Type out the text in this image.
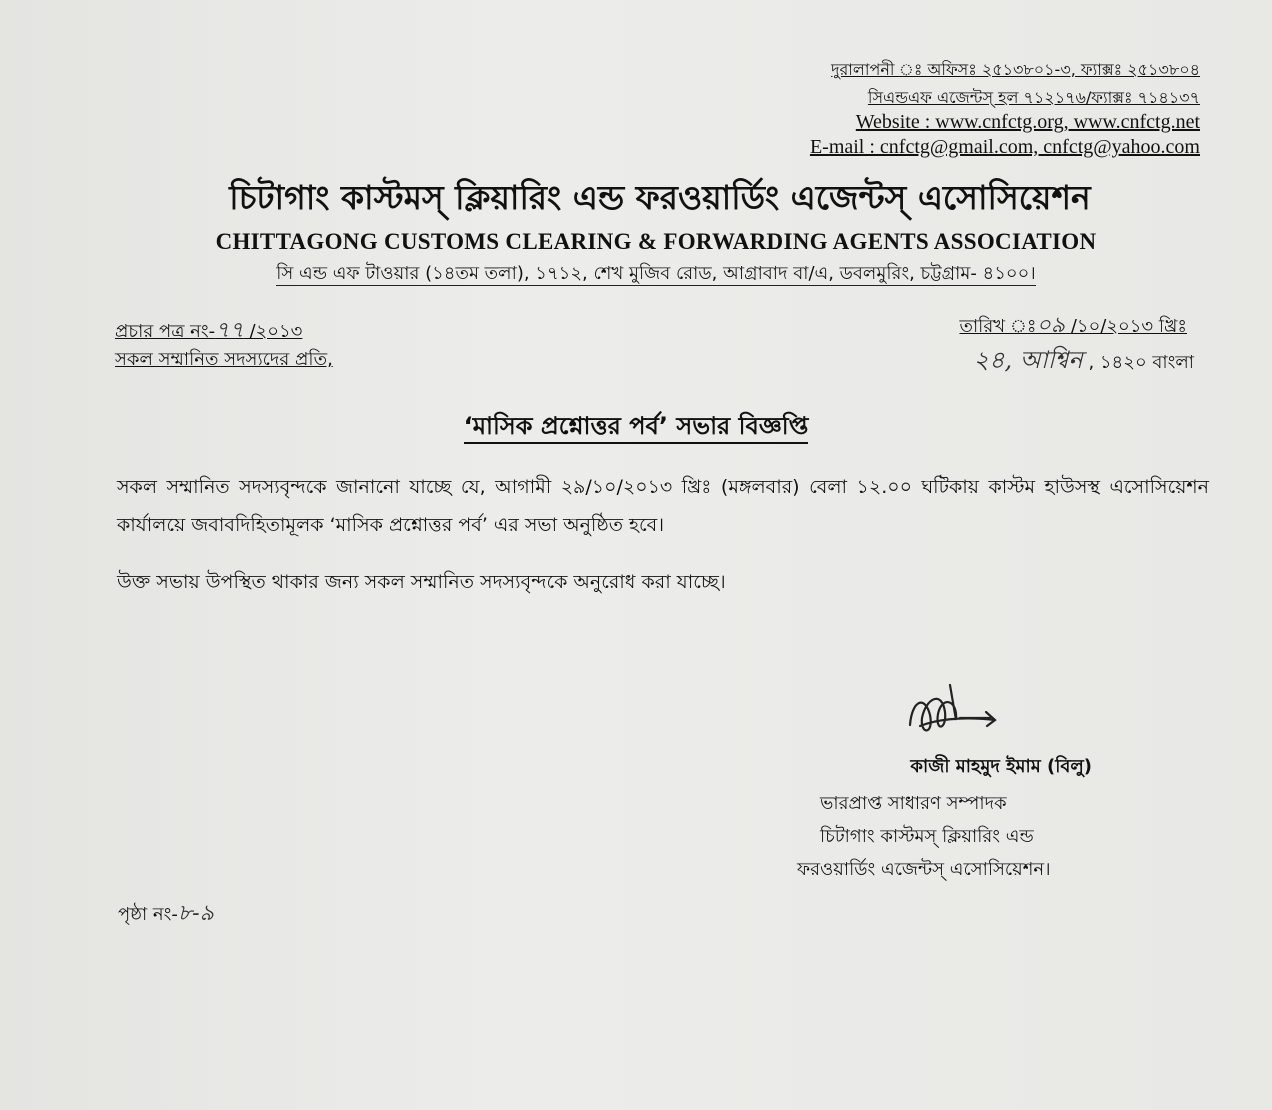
দুরালাপনী ঃ অফিসঃ ২৫১৩৮০১-৩, ফ্যাক্সঃ ২৫১৩৮০৪
সিএন্ডএফ এজেন্টস্ হল ৭১২১৭৬/ফ্যাক্সঃ ৭১৪১৩৭
Website : www.cnfctg.org, www.cnfctg.net
E-mail : cnfctg@gmail.com, cnfctg@yahoo.com
চিটাগাং কাস্টমস্ ক্লিয়ারিং এন্ড ফরওয়ার্ডিং এজেন্টস্ এসোসিয়েশন
CHITTAGONG CUSTOMS CLEARING & FORWARDING AGENTS ASSOCIATION
সি এন্ড এফ টাওয়ার (১৪তম তলা), ১৭১২, শেখ মুজিব রোড, আগ্রাবাদ বা/এ, ডবলমুরিং, চট্টগ্রাম- ৪১০০।
প্রচার পত্র নং-৭৭ /২০১৩
সকল সম্মানিত সদস্যদের প্রতি,
তারিখ ঃ০৯ /১০/২০১৩ খ্রিঃ
২৪, আশ্বিন , ১৪২০ বাংলা
‘মাসিক প্রশ্নোত্তর পর্ব’ সভার বিজ্ঞপ্তি
সকল সম্মানিত সদস্যবৃন্দকে জানানো যাচ্ছে যে, আগামী ২৯/১০/২০১৩ খ্রিঃ (মঙ্গলবার) বেলা ১২.০০ ঘটিকায় কাস্টম হাউসস্থ এসোসিয়েশন কার্যালয়ে জবাবদিহিতামূলক ‘মাসিক প্রশ্নোত্তর পর্ব’ এর সভা অনুষ্ঠিত হবে।
উক্ত সভায় উপস্থিত থাকার জন্য সকল সম্মানিত সদস্যবৃন্দকে অনুরোধ করা যাচ্ছে।
কাজী মাহমুদ ইমাম (বিলু)
ভারপ্রাপ্ত সাধারণ সম্পাদক
চিটাগাং কাস্টমস্ ক্লিয়ারিং এন্ড
ফরওয়ার্ডিং এজেন্টস্ এসোসিয়েশন।
পৃষ্ঠা নং-৮-৯
